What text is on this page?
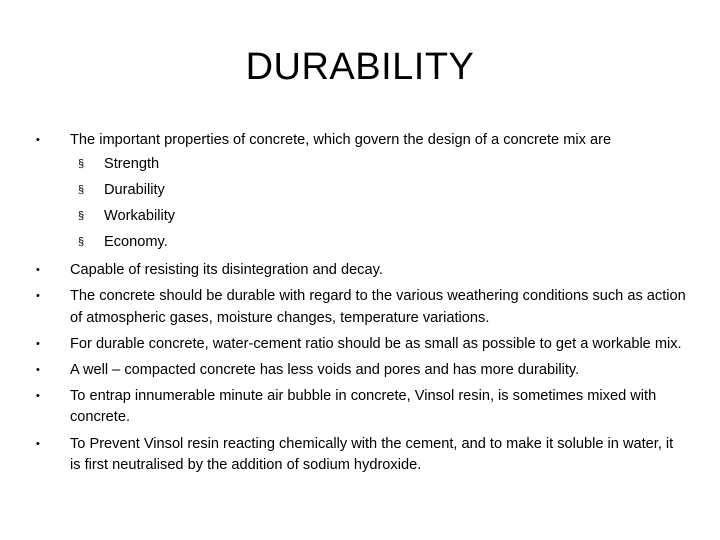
DURABILITY
•	The important properties of concrete, which govern the design of a concrete mix are
§ Strength
§ Durability
§ Workability
§ Economy.
•	Capable of resisting its disintegration and decay.
•	The concrete should be durable with regard to the various weathering conditions such as action of atmospheric gases, moisture changes, temperature variations.
•	For durable concrete, water-cement ratio should be as small as possible to get a workable mix.
•	A well – compacted concrete has less voids and pores and has more durability.
•	To entrap innumerable minute air bubble in concrete, Vinsol resin, is sometimes mixed with concrete.
•	To Prevent Vinsol resin reacting chemically with the cement, and to make it soluble in water, it is first neutralised by the addition of sodium hydroxide.
